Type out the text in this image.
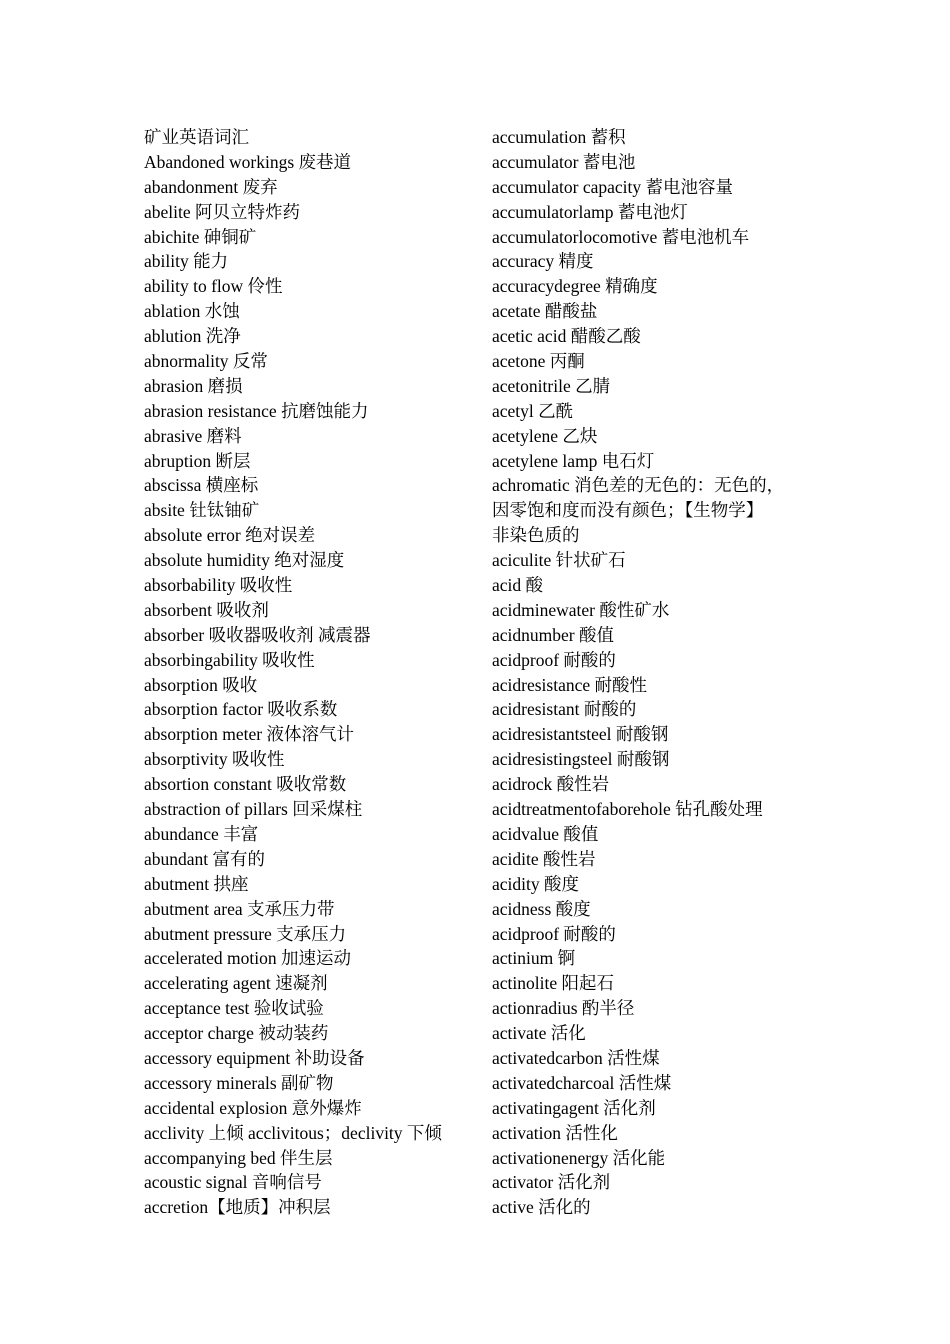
矿业英语词汇
Abandoned workings 废巷道
abandonment 废弃
abelite 阿贝立特炸药
abichite 砷铜矿
ability 能力
ability to flow 伶性
ablation 水蚀
ablution 洗净
abnormality 反常
abrasion 磨损
abrasion resistance 抗磨蚀能力
abrasive 磨料
abruption 断层
abscissa 横座标
absite 钍钛铀矿
absolute error 绝对误差
absolute humidity 绝对湿度
absorbability 吸收性
absorbent 吸收剂
absorber 吸收器吸收剂 减震器
absorbingability 吸收性
absorption 吸收
absorption factor 吸收系数
absorption meter 液体溶气计
absorptivity 吸收性
absortion constant 吸收常数
abstraction of pillars 回采煤柱
abundance 丰富
abundant 富有的
abutment 拱座
abutment area 支承压力带
abutment pressure 支承压力
accelerated motion 加速运动
accelerating agent 速凝剂
acceptance test 验收试验
acceptor charge 被动装药
accessory equipment 补助设备
accessory minerals 副矿物
accidental explosion 意外爆炸
acclivity 上倾 acclivitous；declivity 下倾
accompanying bed 伴生层
acoustic signal 音响信号
accretion【地质】冲积层
accumulation 蓄积
accumulator 蓄电池
accumulator capacity 蓄电池容量
accumulatorlamp 蓄电池灯
accumulatorlocomotive 蓄电池机车
accuracy 精度
accuracydegree 精确度
acetate 醋酸盐
acetic acid 醋酸乙酸
acetone 丙酮
acetonitrile 乙腈
acetyl 乙酰
acetylene 乙炔
acetylene lamp 电石灯
achromatic 消色差的无色的：无色的，
因零饱和度而没有颜色；【生物学】
非染色质的
aciculite 针状矿石
acid 酸
acidminewater 酸性矿水
acidnumber 酸值
acidproof 耐酸的
acidresistance 耐酸性
acidresistant 耐酸的
acidresistantsteel 耐酸钢
acidresistingsteel 耐酸钢
acidrock 酸性岩
acidtreatmentofaborehole 钻孔酸处理
acidvalue 酸值
acidite 酸性岩
acidity 酸度
acidness 酸度
acidproof 耐酸的
actinium 锕
actinolite 阳起石
actionradius 酌半径
activate 活化
activatedcarbon 活性煤
activatedcharcoal 活性煤
activatingagent 活化剂
activation 活性化
activationenergy 活化能
activator 活化剂
active 活化的
